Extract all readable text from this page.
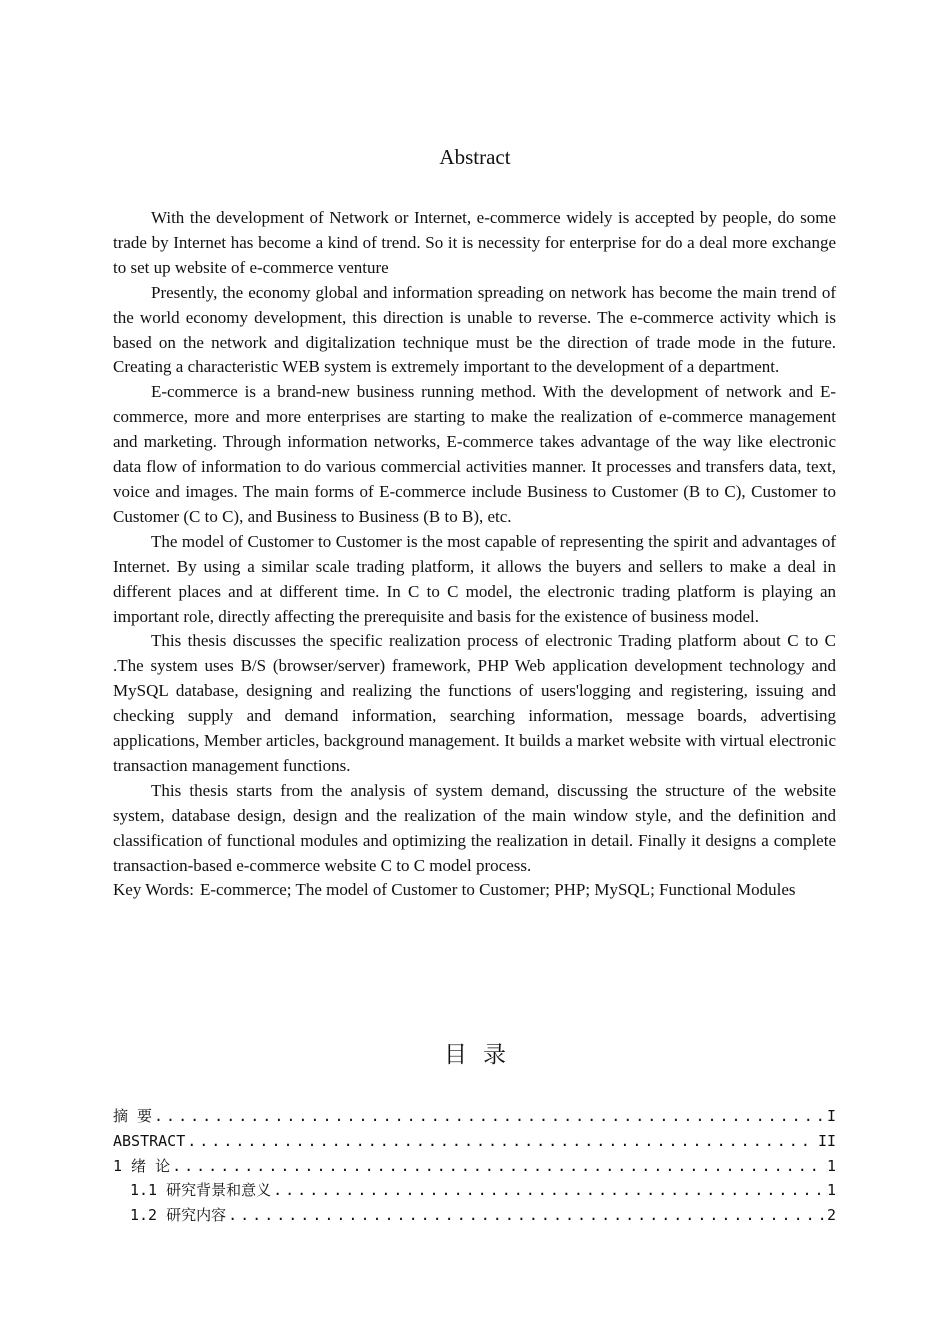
Abstract

With the development of Network or Internet, e-commerce widely is accepted by people, do some trade by Internet has become a kind of trend. So it is necessity for enterprise for do a deal more exchange to set up website of e-commerce venture

Presently, the economy global and information spreading on network has become the main trend of the world economy development, this direction is unable to reverse. The e-commerce activity which is based on the network and digitalization technique must be the direction of trade mode in the future. Creating a characteristic WEB system is extremely important to the development of a department.

E-commerce is a brand-new business running method. With the development of network and E-commerce, more and more enterprises are starting to make the realization of e-commerce management and marketing. Through information networks, E-commerce takes advantage of the way like electronic data flow of information to do various commercial activities manner. It processes and transfers data, text, voice and images. The main forms of E-commerce include Business to Customer (B to C), Customer to Customer (C to C), and Business to Business (B to B), etc.

The model of Customer to Customer is the most capable of representing the spirit and advantages of Internet. By using a similar scale trading platform, it allows the buyers and sellers to make a deal in different places and at different time. In C to C model, the electronic trading platform is playing an important role, directly affecting the prerequisite and basis for the existence of business model.

This thesis discusses the specific realization process of electronic Trading platform about C to C .The system uses B/S (browser/server) framework, PHP Web application development technology and MySQL database, designing and realizing the functions of users'logging and registering, issuing and checking supply and demand information, searching information, message boards, advertising applications, Member articles, background management. It builds a market website with virtual electronic transaction management functions.

This thesis starts from the analysis of system demand, discussing the structure of the website system, database design, design and the realization of the main window style, and the definition and classification of functional modules and optimizing the realization in detail. Finally it designs a complete transaction-based e-commerce website C to C model process.

Key Words: E-commerce; The model of Customer to Customer; PHP; MySQL; Functional Modules
目录
摘 要 .....	I
ABSTRACT .....	II
1 绪 论 .....	1
1.1 研究背景和意义 .....	1
1.2 研究内容 .....	2
